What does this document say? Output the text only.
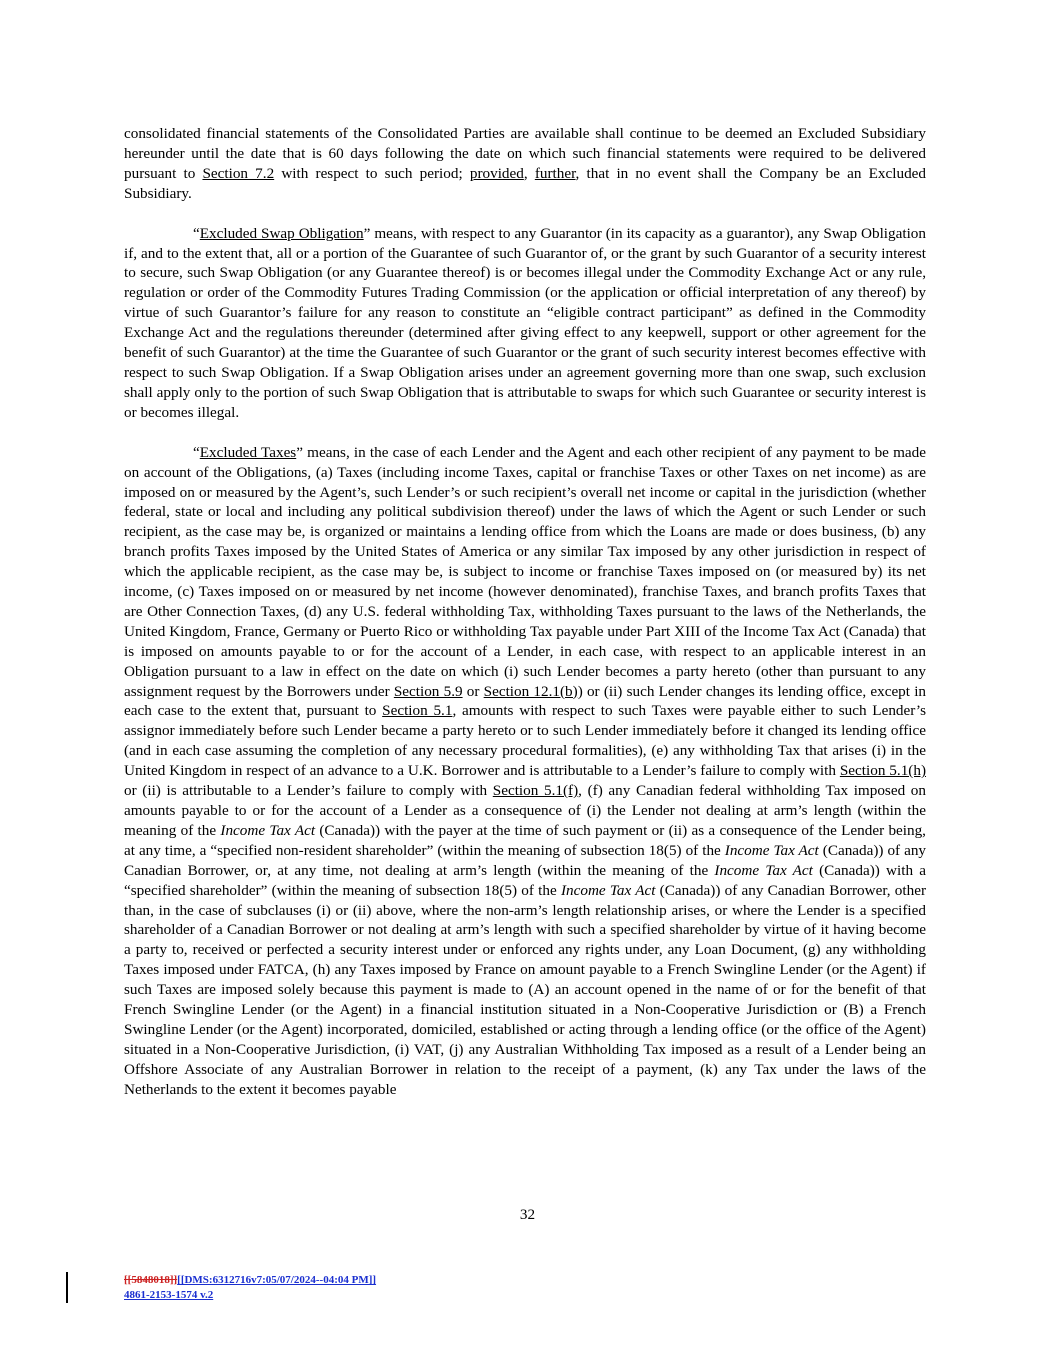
consolidated financial statements of the Consolidated Parties are available shall continue to be deemed an Excluded Subsidiary hereunder until the date that is 60 days following the date on which such financial statements were required to be delivered pursuant to Section 7.2 with respect to such period; provided, further, that in no event shall the Company be an Excluded Subsidiary.

“Excluded Swap Obligation” means, with respect to any Guarantor (in its capacity as a guarantor), any Swap Obligation if, and to the extent that, all or a portion of the Guarantee of such Guarantor of, or the grant by such Guarantor of a security interest to secure, such Swap Obligation (or any Guarantee thereof) is or becomes illegal under the Commodity Exchange Act or any rule, regulation or order of the Commodity Futures Trading Commission (or the application or official interpretation of any thereof) by virtue of such Guarantor’s failure for any reason to constitute an “eligible contract participant” as defined in the Commodity Exchange Act and the regulations thereunder (determined after giving effect to any keepwell, support or other agreement for the benefit of such Guarantor) at the time the Guarantee of such Guarantor or the grant of such security interest becomes effective with respect to such Swap Obligation. If a Swap Obligation arises under an agreement governing more than one swap, such exclusion shall apply only to the portion of such Swap Obligation that is attributable to swaps for which such Guarantee or security interest is or becomes illegal.

“Excluded Taxes” means, in the case of each Lender and the Agent and each other recipient of any payment to be made on account of the Obligations, (a) Taxes (including income Taxes, capital or franchise Taxes or other Taxes on net income) as are imposed on or measured by the Agent’s, such Lender’s or such recipient’s overall net income or capital in the jurisdiction (whether federal, state or local and including any political subdivision thereof) under the laws of which the Agent or such Lender or such recipient, as the case may be, is organized or maintains a lending office from which the Loans are made or does business, (b) any branch profits Taxes imposed by the United States of America or any similar Tax imposed by any other jurisdiction in respect of which the applicable recipient, as the case may be, is subject to income or franchise Taxes imposed on (or measured by) its net income, (c) Taxes imposed on or measured by net income (however denominated), franchise Taxes, and branch profits Taxes that are Other Connection Taxes, (d) any U.S. federal withholding Tax, withholding Taxes pursuant to the laws of the Netherlands, the United Kingdom, France, Germany or Puerto Rico or withholding Tax payable under Part XIII of the Income Tax Act (Canada) that is imposed on amounts payable to or for the account of a Lender, in each case, with respect to an applicable interest in an Obligation pursuant to a law in effect on the date on which (i) such Lender becomes a party hereto (other than pursuant to any assignment request by the Borrowers under Section 5.9 or Section 12.1(b)) or (ii) such Lender changes its lending office, except in each case to the extent that, pursuant to Section 5.1, amounts with respect to such Taxes were payable either to such Lender’s assignor immediately before such Lender became a party hereto or to such Lender immediately before it changed its lending office (and in each case assuming the completion of any necessary procedural formalities), (e) any withholding Tax that arises (i) in the United Kingdom in respect of an advance to a U.K. Borrower and is attributable to a Lender’s failure to comply with Section 5.1(h) or (ii) is attributable to a Lender’s failure to comply with Section 5.1(f), (f) any Canadian federal withholding Tax imposed on amounts payable to or for the account of a Lender as a consequence of (i) the Lender not dealing at arm’s length (within the meaning of the Income Tax Act (Canada)) with the payer at the time of such payment or (ii) as a consequence of the Lender being, at any time, a “specified non-resident shareholder” (within the meaning of subsection 18(5) of the Income Tax Act (Canada)) of any Canadian Borrower, or, at any time, not dealing at arm’s length (within the meaning of the Income Tax Act (Canada)) with a “specified shareholder” (within the meaning of subsection 18(5) of the Income Tax Act (Canada)) of any Canadian Borrower, other than, in the case of subclauses (i) or (ii) above, where the non-arm’s length relationship arises, or where the Lender is a specified shareholder of a Canadian Borrower or not dealing at arm’s length with such a specified shareholder by virtue of it having become a party to, received or perfected a security interest under or enforced any rights under, any Loan Document, (g) any withholding Taxes imposed under FATCA, (h) any Taxes imposed by France on amount payable to a French Swingline Lender (or the Agent) if such Taxes are imposed solely because this payment is made to (A) an account opened in the name of or for the benefit of that French Swingline Lender (or the Agent) in a financial institution situated in a Non-Cooperative Jurisdiction or (B) a French Swingline Lender (or the Agent) incorporated, domiciled, established or acting through a lending office (or the office of the Agent) situated in a Non-Cooperative Jurisdiction, (i) VAT, (j) any Australian Withholding Tax imposed as a result of a Lender being an Offshore Associate of any Australian Borrower in relation to the receipt of a payment, (k) any Tax under the laws of the Netherlands to the extent it becomes payable

32
[[5848018]][[DMS:6312716v7:05/07/2024--04:04 PM]]
4861-2153-1574 v.2
